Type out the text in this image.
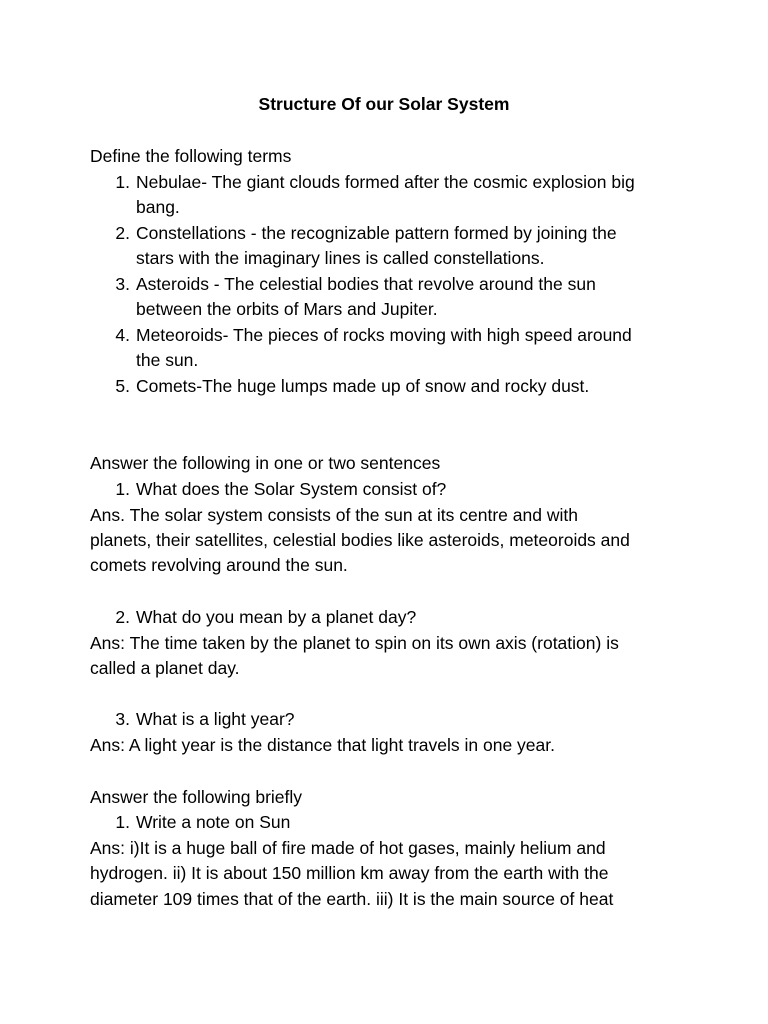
Structure Of our Solar System
Define the following terms
1. Nebulae- The giant clouds formed after the cosmic explosion big
bang.
2. Constellations - the recognizable pattern formed by joining the
stars with the imaginary lines is called constellations.
3. Asteroids - The celestial bodies that revolve around the sun
between the orbits of Mars and Jupiter.
4. Meteoroids- The pieces of rocks moving with high speed around
the sun.
5. Comets-The huge lumps made up of snow and rocky dust.
Answer the following in one or two sentences
1. What does the Solar System consist of?
Ans. The solar system consists of the sun at its centre and with
planets, their satellites, celestial bodies like asteroids, meteoroids and
comets revolving around the sun.
2. What do you mean by a planet day?
Ans: The time taken by the planet to spin on its own axis (rotation) is
called a planet day.
3. What is a light year?
Ans: A light year is the distance that light travels in one year.
Answer the following briefly
1. Write a note on Sun
Ans: i)It is a huge ball of fire made of hot gases, mainly helium and
hydrogen. ii) It is about 150 million km away from the earth with the
diameter 109 times that of the earth. iii) It is the main source of heat
